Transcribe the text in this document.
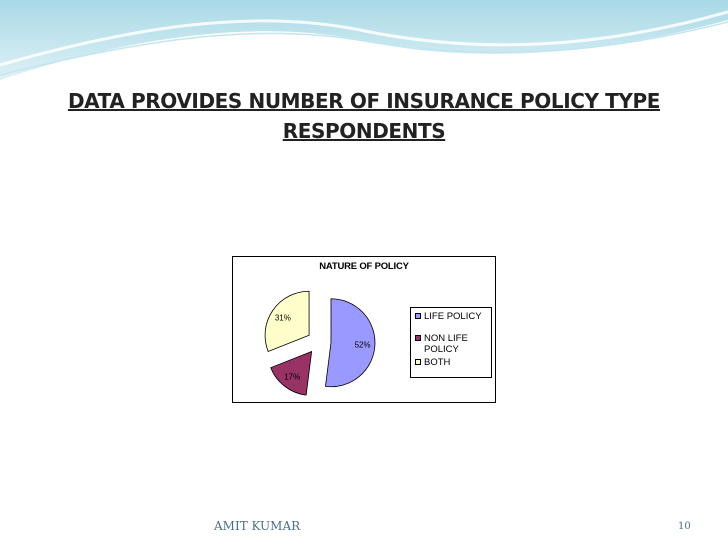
DATA PROVIDES NUMBER OF INSURANCE POLICY TYPE
RESPONDENTS
NATURE OF POLICY
52%
17%
31%	LIFE POLICY
NON LIFE POLICY
BOTH
AMIT KUMAR	10
